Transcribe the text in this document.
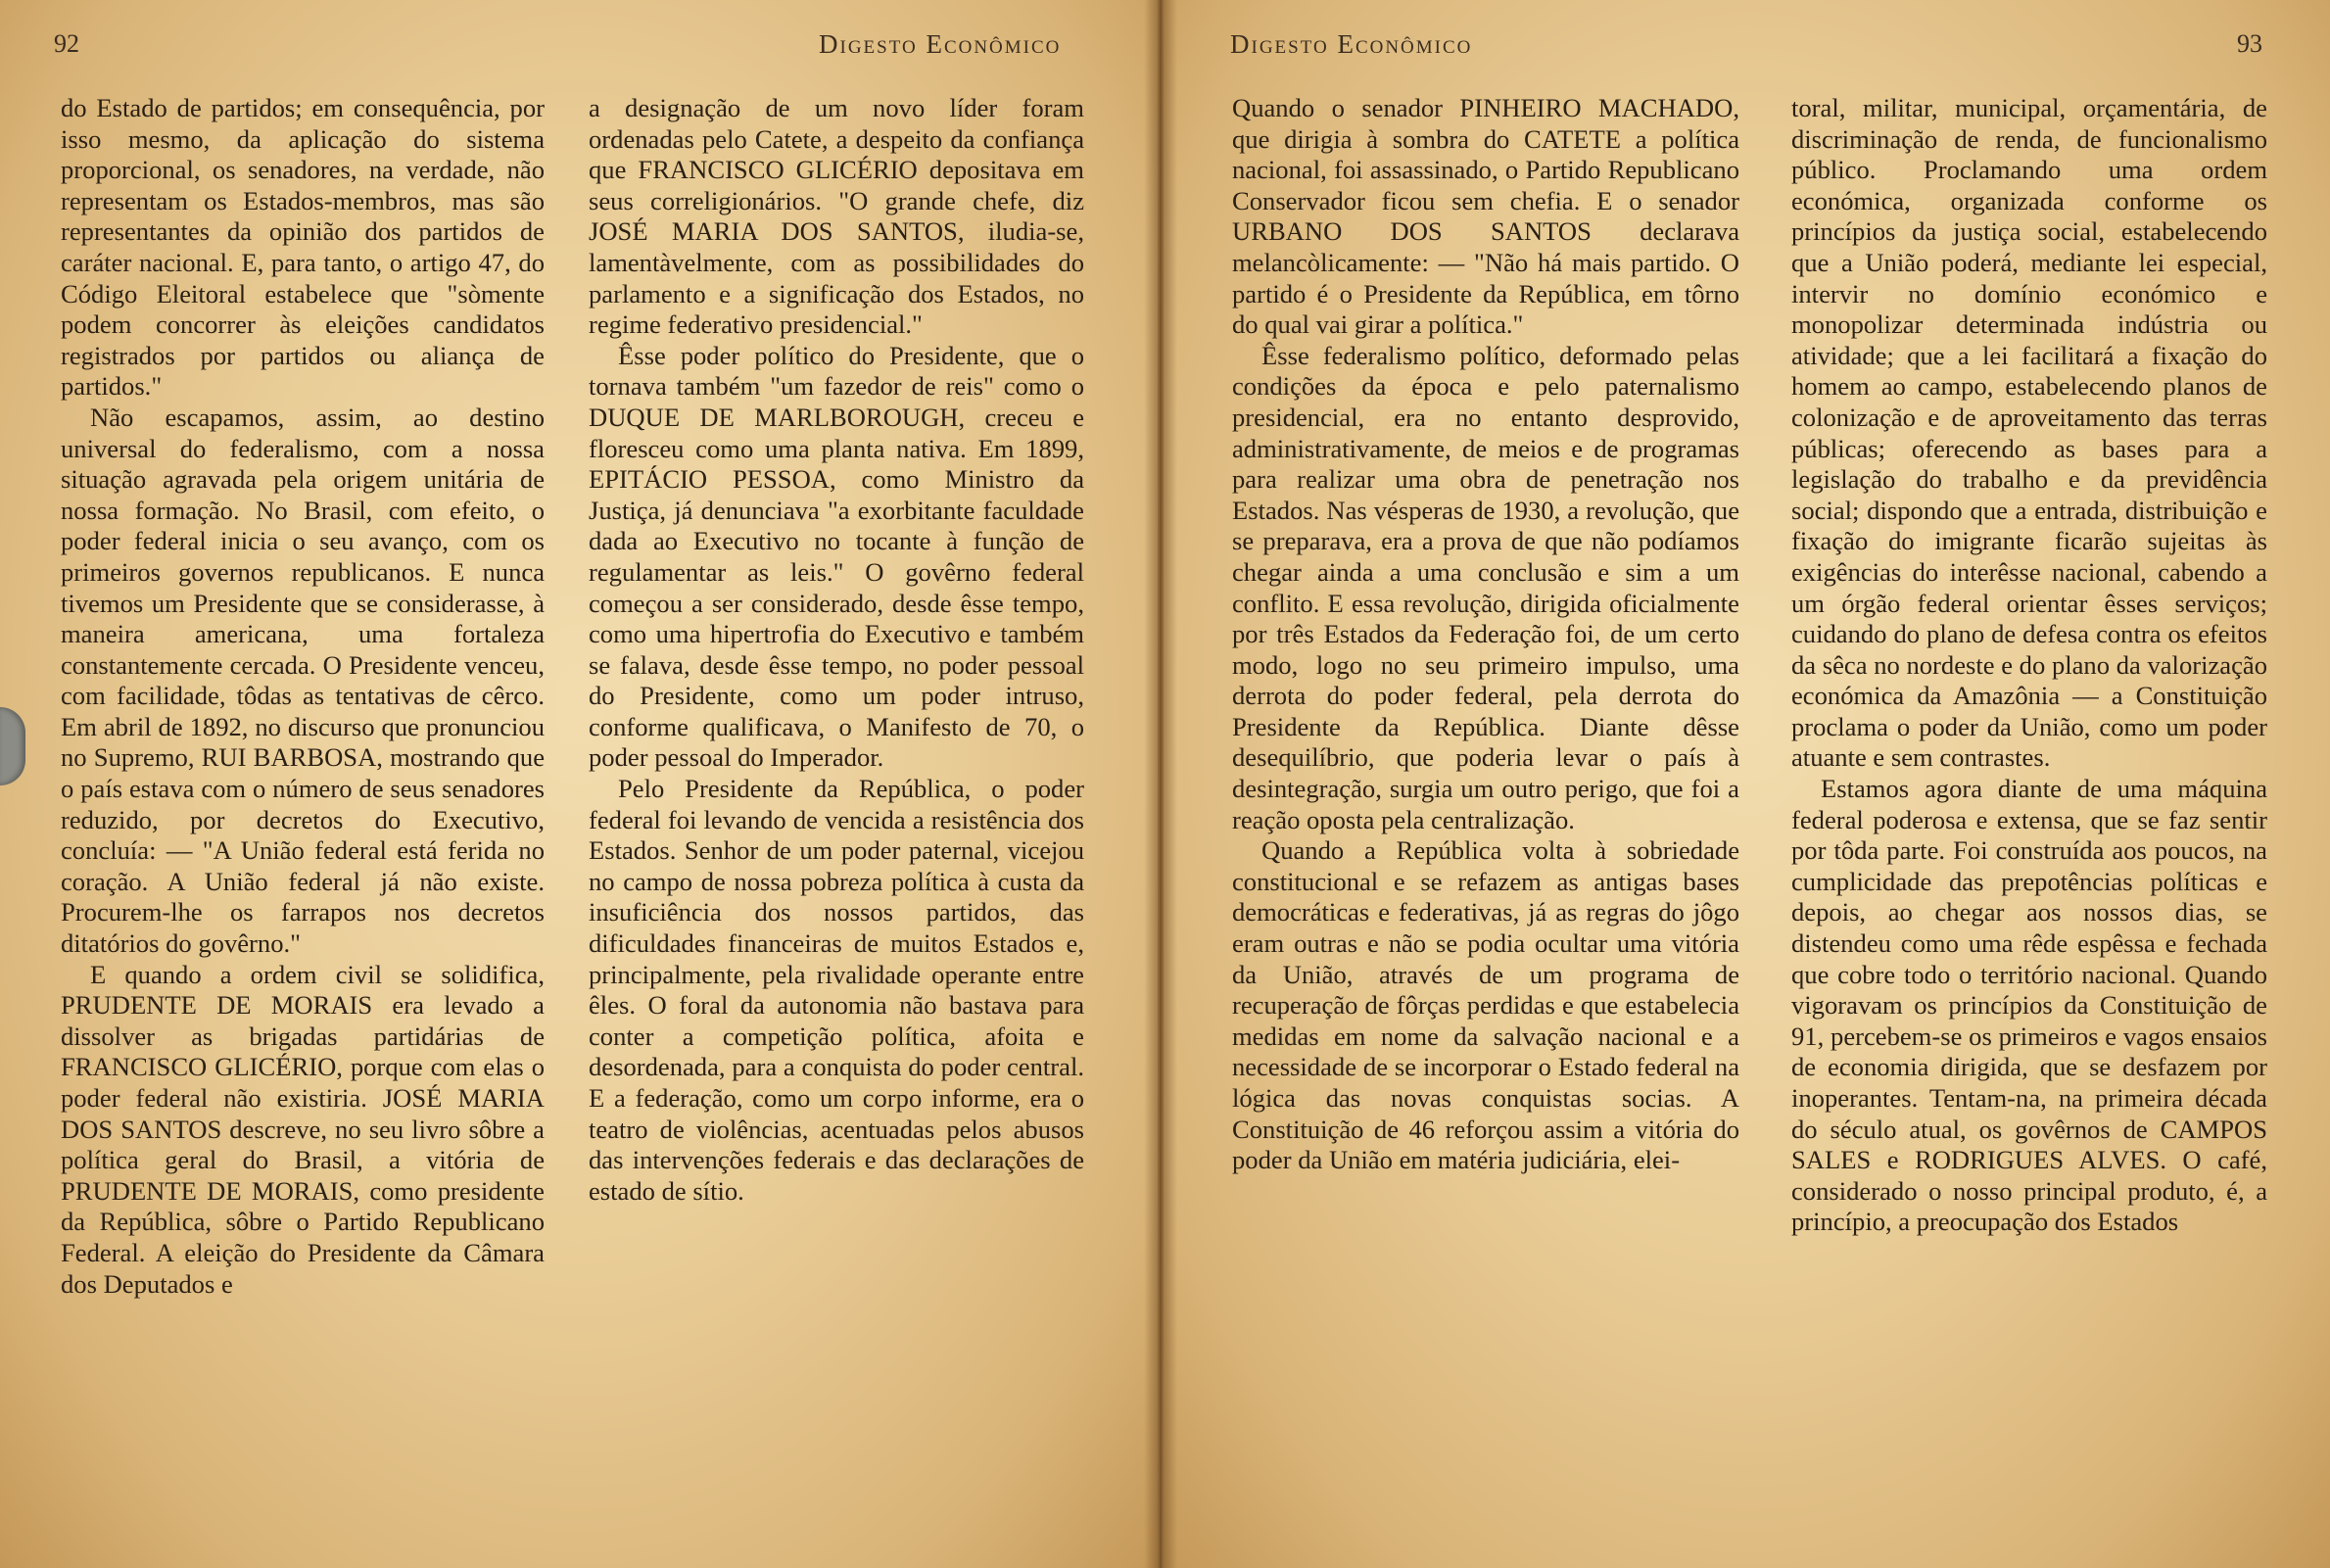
92	Digesto Econômico

do Estado de partidos; em consequência, por isso mesmo, da aplicação do sistema proporcional, os senadores, na verdade, não representam os Estados-membros, mas são representantes da opinião dos partidos de caráter nacional. E, para tanto, o artigo 47, do Código Eleitoral estabelece que "sòmente podem concorrer às eleições candidatos registrados por partidos ou aliança de partidos."

Não escapamos, assim, ao destino universal do federalismo, com a nossa situação agravada pela origem unitária de nossa formação. No Brasil, com efeito, o poder federal inicia o seu avanço, com os primeiros governos republicanos. E nunca tivemos um Presidente que se considerasse, à maneira americana, uma fortaleza constantemente cercada. O Presidente venceu, com facilidade, tôdas as tentativas de cêrco. Em abril de 1892, no discurso que pronunciou no Supremo, RUI BARBOSA, mostrando que o país estava com o número de seus senadores reduzido, por decretos do Executivo, concluía: — "A União federal está ferida no coração. A União federal já não existe. Procurem-lhe os farrapos nos decretos ditatórios do govêrno."

E quando a ordem civil se solidifica, PRUDENTE DE MORAIS era levado a dissolver as brigadas partidárias de FRANCISCO GLICÉRIO, porque com elas o poder federal não existiria. JOSÉ MARIA DOS SANTOS descreve, no seu livro sôbre a política geral do Brasil, a vitória de PRUDENTE DE MORAIS, como presidente da República, sôbre o Partido Republicano Federal. A eleição do Presidente da Câmara dos Deputados e

a designação de um novo líder foram ordenadas pelo Catete, a despeito da confiança que FRANCISCO GLICÉRIO depositava em seus correligionários. "O grande chefe, diz JOSÉ MARIA DOS SANTOS, iludia-se, lamentàvelmente, com as possibilidades do parlamento e a significação dos Estados, no regime federativo presidencial."

Êsse poder político do Presidente, que o tornava também "um fazedor de reis" como o DUQUE DE MARLBOROUGH, creceu e floresceu como uma planta nativa. Em 1899, EPITÁCIO PESSOA, como Ministro da Justiça, já denunciava "a exorbitante faculdade dada ao Executivo no tocante à função de regulamentar as leis." O govêrno federal começou a ser considerado, desde êsse tempo, como uma hipertrofia do Executivo e também se falava, desde êsse tempo, no poder pessoal do Presidente, como um poder intruso, conforme qualificava, o Manifesto de 70, o poder pessoal do Imperador.

Pelo Presidente da República, o poder federal foi levando de vencida a resistência dos Estados. Senhor de um poder paternal, vicejou no campo de nossa pobreza política à custa da insuficiência dos nossos partidos, das dificuldades financeiras de muitos Estados e, principalmente, pela rivalidade operante entre êles. O foral da autonomia não bastava para conter a competição política, afoita e desordenada, para a conquista do poder central. E a federação, como um corpo informe, era o teatro de violências, acentuadas pelos abusos das intervenções federais e das declarações de estado de sítio.

Digesto Econômico	93

Quando o senador PINHEIRO MACHADO, que dirigia à sombra do CATETE a política nacional, foi assassinado, o Partido Republicano Conservador ficou sem chefia. E o senador URBANO DOS SANTOS declarava melancòlicamente: — "Não há mais partido. O partido é o Presidente da República, em tôrno do qual vai girar a política."

Êsse federalismo político, deformado pelas condições da época e pelo paternalismo presidencial, era no entanto desprovido, administrativamente, de meios e de programas para realizar uma obra de penetração nos Estados. Nas vésperas de 1930, a revolução, que se preparava, era a prova de que não podíamos chegar ainda a uma conclusão e sim a um conflito. E essa revolução, dirigida oficialmente por três Estados da Federação foi, de um certo modo, logo no seu primeiro impulso, uma derrota do poder federal, pela derrota do Presidente da República. Diante dêsse desequilíbrio, que poderia levar o país à desintegração, surgia um outro perigo, que foi a reação oposta pela centralização.

Quando a República volta à sobriedade constitucional e se refazem as antigas bases democráticas e federativas, já as regras do jôgo eram outras e não se podia ocultar uma vitória da União, através de um programa de recuperação de fôrças perdidas e que estabelecia medidas em nome da salvação nacional e a necessidade de se incorporar o Estado federal na lógica das novas conquistas socias. A Constituição de 46 reforçou assim a vitória do poder da União em matéria judiciária, elei-

toral, militar, municipal, orçamentária, de discriminação de renda, de funcionalismo público. Proclamando uma ordem económica, organizada conforme os princípios da justiça social, estabelecendo que a União poderá, mediante lei especial, intervir no domínio económico e monopolizar determinada indústria ou atividade; que a lei facilitará a fixação do homem ao campo, estabelecendo planos de colonização e de aproveitamento das terras públicas; oferecendo as bases para a legislação do trabalho e da previdência social; dispondo que a entrada, distribuição e fixação do imigrante ficarão sujeitas às exigências do interêsse nacional, cabendo a um órgão federal orientar êsses serviços; cuidando do plano de defesa contra os efeitos da sêca no nordeste e do plano da valorização económica da Amazônia — a Constituição proclama o poder da União, como um poder atuante e sem contrastes.

Estamos agora diante de uma máquina federal poderosa e extensa, que se faz sentir por tôda parte. Foi construída aos poucos, na cumplicidade das prepotências políticas e depois, ao chegar aos nossos dias, se distendeu como uma rêde espêssa e fechada que cobre todo o território nacional. Quando vigoravam os princípios da Constituição de 91, percebem-se os primeiros e vagos ensaios de economia dirigida, que se desfazem por inoperantes. Tentam-na, na primeira década do século atual, os govêrnos de CAMPOS SALES e RODRIGUES ALVES. O café, considerado o nosso principal produto, é, a princípio, a preocupação dos Estados
